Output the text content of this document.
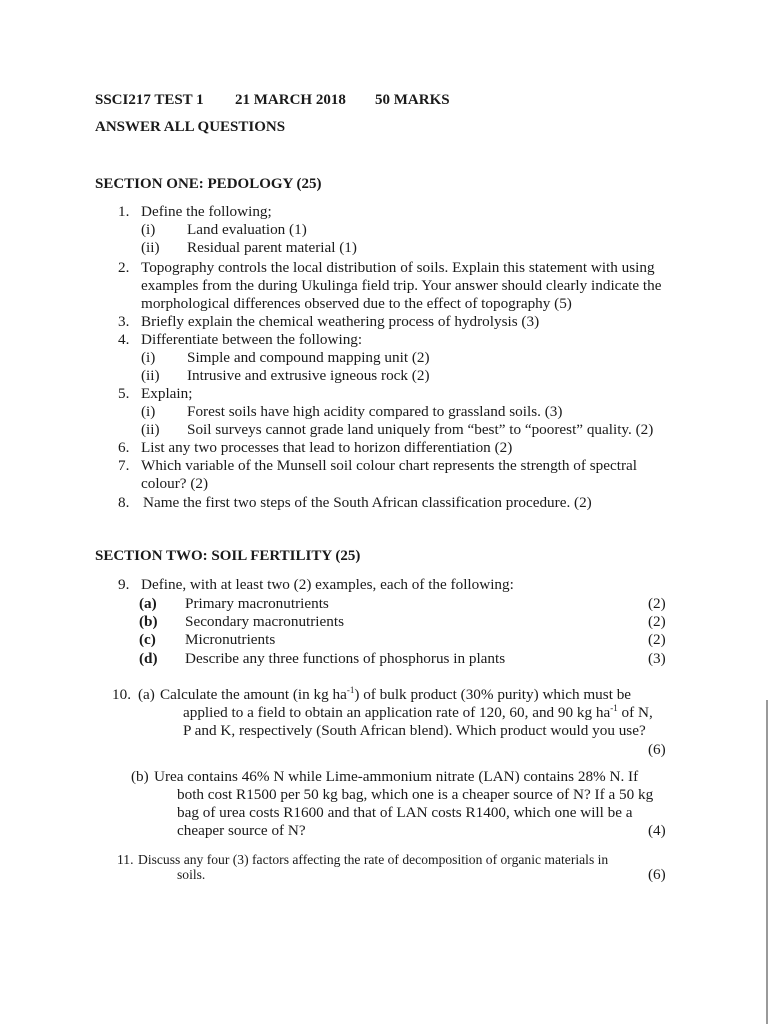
SSCI217 TEST 1 21 MARCH 2018 50 MARKS
ANSWER ALL QUESTIONS
SECTION ONE: PEDOLOGY (25)
1. Define the following;
(i) Land evaluation (1)
(ii) Residual parent material (1)
2. Topography controls the local distribution of soils. Explain this statement with using
examples from the during Ukulinga field trip. Your answer should clearly indicate the
morphological differences observed due to the effect of topography (5)
3. Briefly explain the chemical weathering process of hydrolysis (3)
4. Differentiate between the following:
(i) Simple and compound mapping unit (2)
(ii) Intrusive and extrusive igneous rock (2)
5. Explain;
(i) Forest soils have high acidity compared to grassland soils. (3)
(ii) Soil surveys cannot grade land uniquely from “best” to “poorest” quality. (2)
6. List any two processes that lead to horizon differentiation (2)
7. Which variable of the Munsell soil colour chart represents the strength of spectral
colour? (2)
8. Name the first two steps of the South African classification procedure. (2)
SECTION TWO: SOIL FERTILITY (25)
9. Define, with at least two (2) examples, each of the following:
(a) Primary macronutrients	(2)
(b) Secondary macronutrients	(2)
(c) Micronutrients	(2)
(d) Describe any three functions of phosphorus in plants	(3)
10. (a) Calculate the amount (in kg $ha^{-1}$) of bulk product (30% purity) which must be
applied to a field to obtain an application rate of 120, 60, and 90 kg $ha^{-1}$ of N,
P and K, respectively (South African blend). Which product would you use?
(6)
(b) Urea contains 46% N while Lime-ammonium nitrate (LAN) contains 28% N. If
both cost R1500 per 50 kg bag, which one is a cheaper source of N? If a 50 kg
bag of urea costs R1600 and that of LAN costs R1400, which one will be a
cheaper source of N?	(4)
11. Discuss any four (3) factors affecting the rate of decomposition of organic materials in
soils.	(6)
